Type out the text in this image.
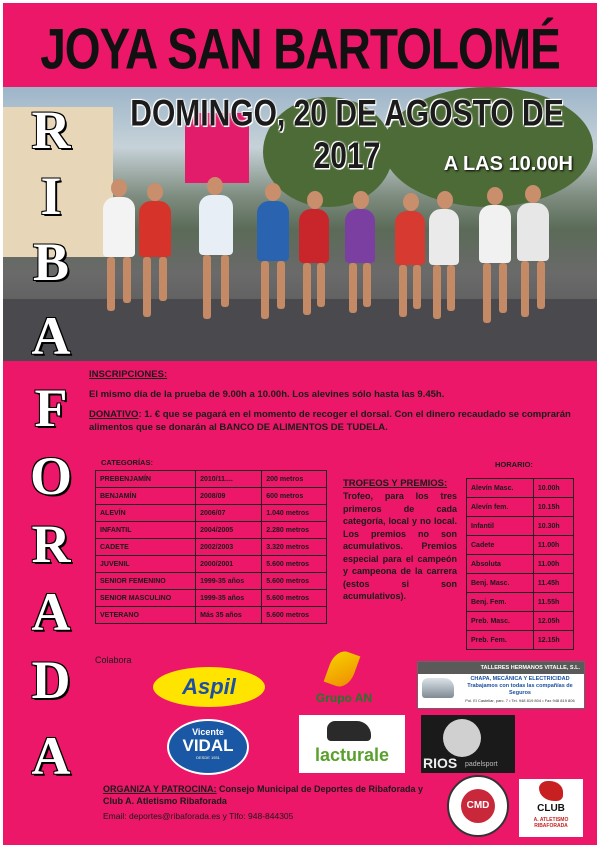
JOYA SAN BARTOLOMÉ
DOMINGO, 20 DE AGOSTO DE 2017	A LAS 10.00H
R
I
B
A
F
O
R
A
D
A
INSCRIPCIONES:
El mismo día de la prueba de 9.00h a 10.00h. Los alevines sólo hasta las 9.45h.
DONATIVO: 1. € que se pagará en el momento de recoger el dorsal. Con el dinero recaudado se comprarán alimentos que se donarán al BANCO DE ALIMENTOS DE TUDELA.
CATEGORÍAS:
PREBENJAMÍN	2010/11....	200 metros
BENJAMÍN	2008/09	600 metros
ALEVÍN	2006/07	1.040 metros
INFANTIL	2004/2005	2.280 metros
CADETE	2002/2003	3.320 metros
JUVENIL	2000/2001	5.600 metros
SENIOR FEMENINO	1999-35 años	5.600 metros
SENIOR MASCULINO	1999-35 años	5.600 metros
VETERANO	Más 35 años	5.600 metros
TROFEOS Y PREMIOS:
Trofeo, para los tres primeros de cada categoría, local y no local. Los premios no son acumulativos. Premios especial para el campeón y campeona de la carrera (estos si son acumulativos).
HORARIO:
Alevín Masc.	10.00h
Alevín fem.	10.15h
Infantil	10.30h
Cadete	11.00h
Absoluta	11.00h
Benj. Masc.	11.45h
Benj. Fem.	11.55h
Preb. Masc.	12.05h
Preb. Fem.	12.15h
Colabora
Aspil	Grupo AN
TALLERES HERMANOS VITALLE, S.L.
CHAPA, MECÁNICA Y ELECTRICIDAD
Trabajamos con todas las compañías de Seguros
Pol. El Castellar, parc. 7 • Tel. 948 819 804 • Fax 948 819 806
Vicente
VIDAL
DESDE 1931	lacturale	RIOS padelsport
ORGANIZA Y PATROCINA: Consejo Municipal de Deportes de Ribaforada y Club A. Atletismo Ribaforada
Email: deportes@ribaforada.es y Tlfo: 948-844305
CMD	CLUB
A. ATLETISMO RIBAFORADA
